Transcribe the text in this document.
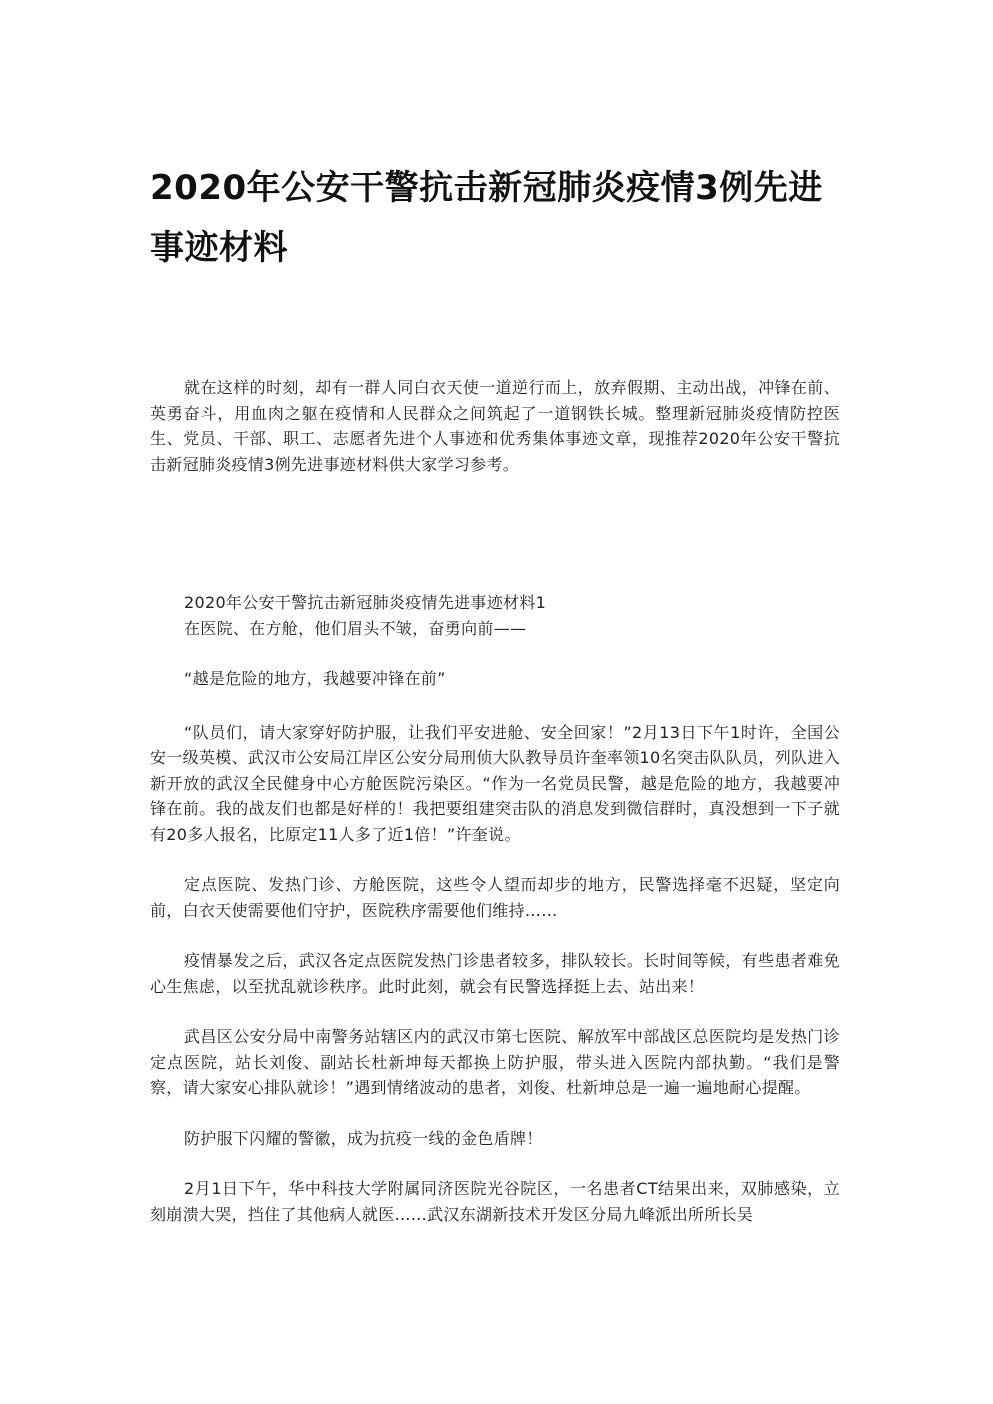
2020年公安干警抗击新冠肺炎疫情3例先进事迹材料

就在这样的时刻，却有一群人同白衣天使一道逆行而上，放弃假期、主动出战，冲锋在前、英勇奋斗，用血肉之躯在疫情和人民群众之间筑起了一道钢铁长城。整理新冠肺炎疫情防控医生、党员、干部、职工、志愿者先进个人事迹和优秀集体事迹文章，现推荐2020年公安干警抗击新冠肺炎疫情3例先进事迹材料供大家学习参考。

2020年公安干警抗击新冠肺炎疫情先进事迹材料1

在医院、在方舱，他们眉头不皱，奋勇向前——

“越是危险的地方，我越要冲锋在前”

“队员们，请大家穿好防护服，让我们平安进舱、安全回家！”2月13日下午1时许，全国公安一级英模、武汉市公安局江岸区公安分局刑侦大队教导员许奎率领10名突击队队员，列队进入新开放的武汉全民健身中心方舱医院污染区。“作为一名党员民警，越是危险的地方，我越要冲锋在前。我的战友们也都是好样的！我把要组建突击队的消息发到微信群时，真没想到一下子就有20多人报名，比原定11人多了近1倍！”许奎说。

定点医院、发热门诊、方舱医院，这些令人望而却步的地方，民警选择毫不迟疑，坚定向前，白衣天使需要他们守护，医院秩序需要他们维持……

疫情暴发之后，武汉各定点医院发热门诊患者较多，排队较长。长时间等候，有些患者难免心生焦虑，以至扰乱就诊秩序。此时此刻，就会有民警选择挺上去、站出来！

武昌区公安分局中南警务站辖区内的武汉市第七医院、解放军中部战区总医院均是发热门诊定点医院，站长刘俊、副站长杜新坤每天都换上防护服，带头进入医院内部执勤。“我们是警察，请大家安心排队就诊！”遇到情绪波动的患者，刘俊、杜新坤总是一遍一遍地耐心提醒。

防护服下闪耀的警徽，成为抗疫一线的金色盾牌！

2月1日下午，华中科技大学附属同济医院光谷院区，一名患者CT结果出来，双肺感染，立刻崩溃大哭，挡住了其他病人就医……武汉东湖新技术开发区分局九峰派出所所长吴
